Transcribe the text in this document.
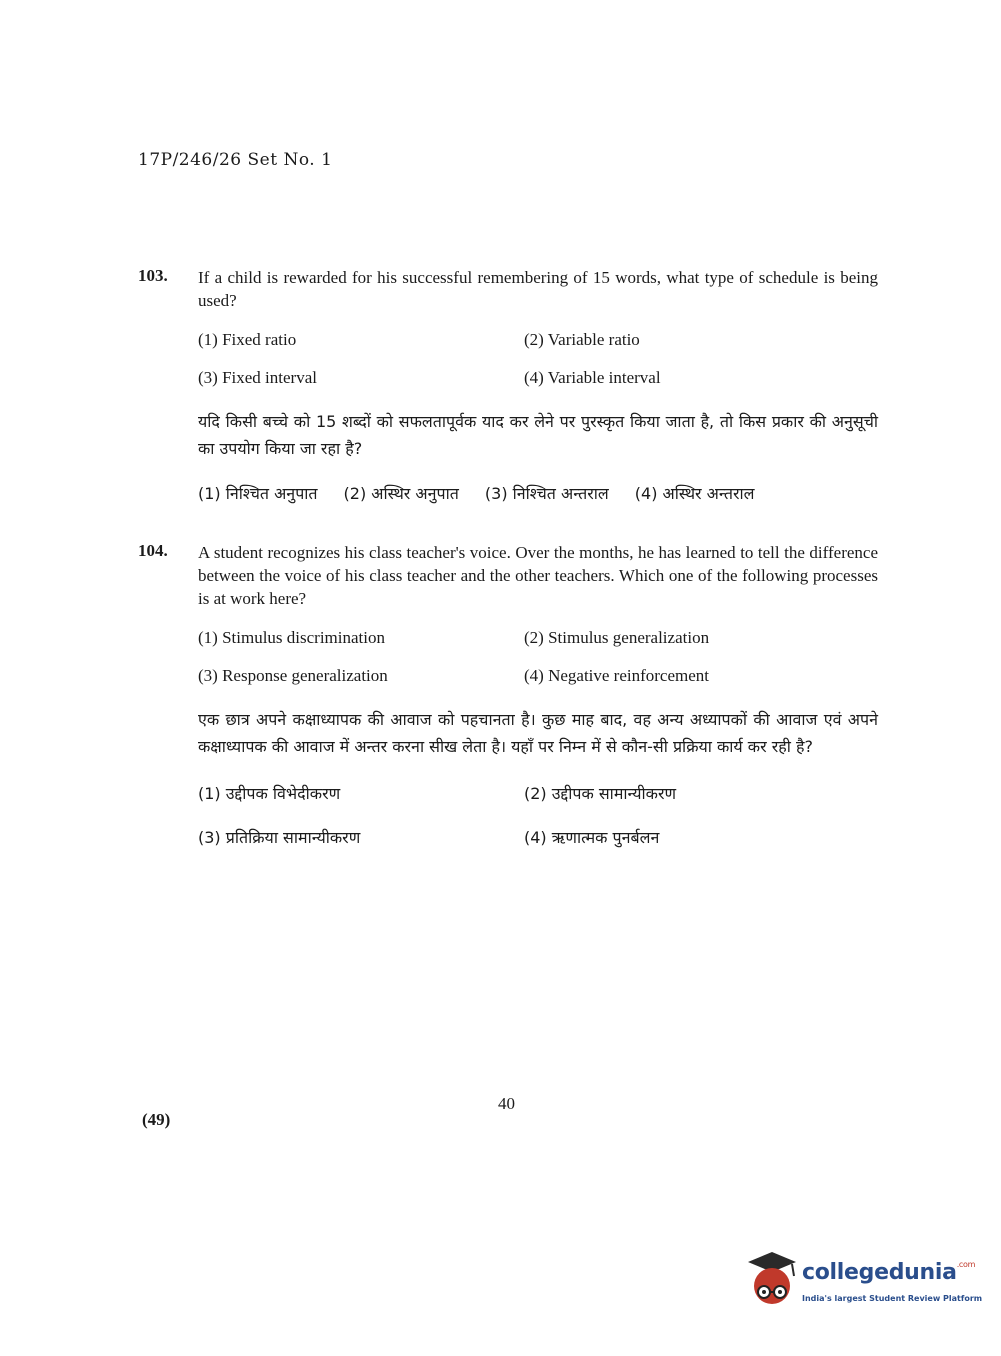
17P/246/26 Set No. 1
103. If a child is rewarded for his successful remembering of 15 words, what type of schedule is being used?
(1) Fixed ratio	(2) Variable ratio
(3) Fixed interval	(4) Variable interval
यदि किसी बच्चे को 15 शब्दों को सफलतापूर्वक याद कर लेने पर पुरस्कृत किया जाता है, तो किस प्रकार की अनुसूची का उपयोग किया जा रहा है?
(1) निश्चित अनुपात (2) अस्थिर अनुपात (3) निश्चित अन्तराल (4) अस्थिर अन्तराल
104. A student recognizes his class teacher's voice. Over the months, he has learned to tell the difference between the voice of his class teacher and the other teachers. Which one of the following processes is at work here?
(1) Stimulus discrimination	(2) Stimulus generalization
(3) Response generalization	(4) Negative reinforcement
एक छात्र अपने कक्षाध्यापक की आवाज को पहचानता है। कुछ माह बाद, वह अन्य अध्यापकों की आवाज एवं अपने कक्षाध्यापक की आवाज में अन्तर करना सीख लेता है। यहाँ पर निम्न में से कौन-सी प्रक्रिया कार्य कर रही है?
(1) उद्दीपक विभेदीकरण	(2) उद्दीपक सामान्यीकरण
(3) प्रतिक्रिया सामान्यीकरण	(4) ऋणात्मक पुनर्बलन
40
(49)
collegedunia$^{.com}$
India's largest Student Review Platform
